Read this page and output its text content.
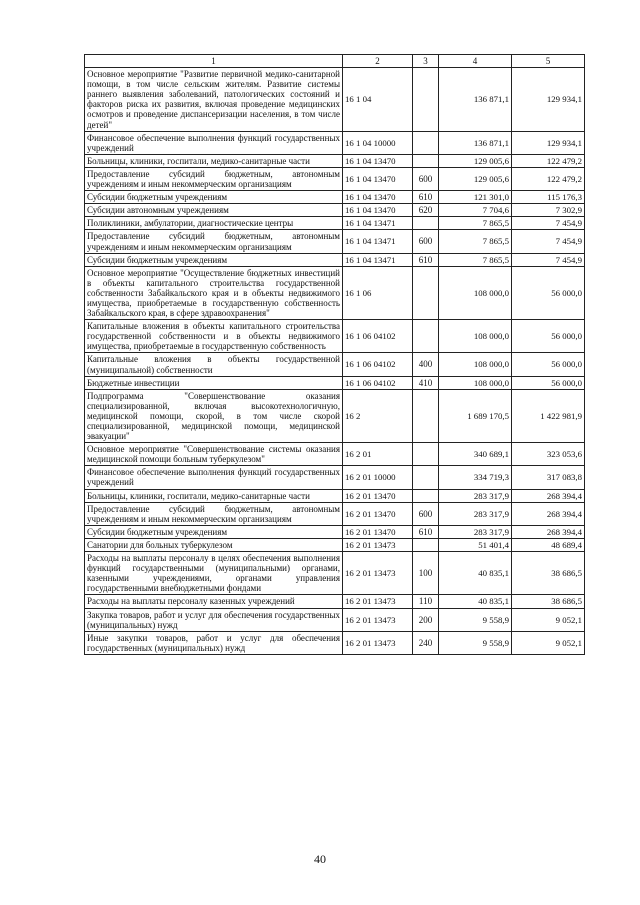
1	2	3	4	5
Основное мероприятие "Развитие первичной медико-санитарной помощи, в том числе сельским жителям. Развитие системы раннего выявления заболеваний, патологических состояний и факторов риска их развития, включая проведение медицинских осмотров и проведение диспансеризации населения, в том числе детей"	16 1 04		136 871,1	129 934,1
Финансовое обеспечение выполнения функций государственных учреждений	16 1 04 10000		136 871,1	129 934,1
Больницы, клиники, госпитали, медико-санитарные части	16 1 04 13470		129 005,6	122 479,2
Предоставление субсидий бюджетным, автономным учреждениям и иным некоммерческим организациям	16 1 04 13470	600	129 005,6	122 479,2
Субсидии бюджетным учреждениям	16 1 04 13470	610	121 301,0	115 176,3
Субсидии автономным учреждениям	16 1 04 13470	620	7 704,6	7 302,9
Поликлиники, амбулатории, диагностические центры	16 1 04 13471		7 865,5	7 454,9
Предоставление субсидий бюджетным, автономным учреждениям и иным некоммерческим организациям	16 1 04 13471	600	7 865,5	7 454,9
Субсидии бюджетным учреждениям	16 1 04 13471	610	7 865,5	7 454,9
Основное мероприятие "Осуществление бюджетных инвестиций в объекты капитального строительства государственной собственности Забайкальского края и в объекты недвижимого имущества, приобретаемые в государственную собственность Забайкальского края, в сфере здравоохранения"	16 1 06		108 000,0	56 000,0
Капитальные вложения в объекты капитального строительства государственной собственности и в объекты недвижимого имущества, приобретаемые в государственную собственность	16 1 06 04102		108 000,0	56 000,0
Капитальные вложения в объекты государственной (муниципальной) собственности	16 1 06 04102	400	108 000,0	56 000,0
Бюджетные инвестиции	16 1 06 04102	410	108 000,0	56 000,0
Подпрограмма "Совершенствование оказания специализированной, включая высокотехнологичную, медицинской помощи, скорой, в том числе скорой специализированной, медицинской помощи, медицинской эвакуации"	16 2		1 689 170,5	1 422 981,9
Основное мероприятие "Совершенствование системы оказания медицинской помощи больным туберкулезом"	16 2 01		340 689,1	323 053,6
Финансовое обеспечение выполнения функций государственных учреждений	16 2 01 10000		334 719,3	317 083,8
Больницы, клиники, госпитали, медико-санитарные части	16 2 01 13470		283 317,9	268 394,4
Предоставление субсидий бюджетным, автономным учреждениям и иным некоммерческим организациям	16 2 01 13470	600	283 317,9	268 394,4
Субсидии бюджетным учреждениям	16 2 01 13470	610	283 317,9	268 394,4
Санатории для больных туберкулезом	16 2 01 13473		51 401,4	48 689,4
Расходы на выплаты персоналу в целях обеспечения выполнения функций государственными (муниципальными) органами, казенными учреждениями, органами управления государственными внебюджетными фондами	16 2 01 13473	100	40 835,1	38 686,5
Расходы на выплаты персоналу казенных учреждений	16 2 01 13473	110	40 835,1	38 686,5
Закупка товаров, работ и услуг для обеспечения государственных (муниципальных) нужд	16 2 01 13473	200	9 558,9	9 052,1
Иные закупки товаров, работ и услуг для обеспечения государственных (муниципальных) нужд	16 2 01 13473	240	9 558,9	9 052,1
40
